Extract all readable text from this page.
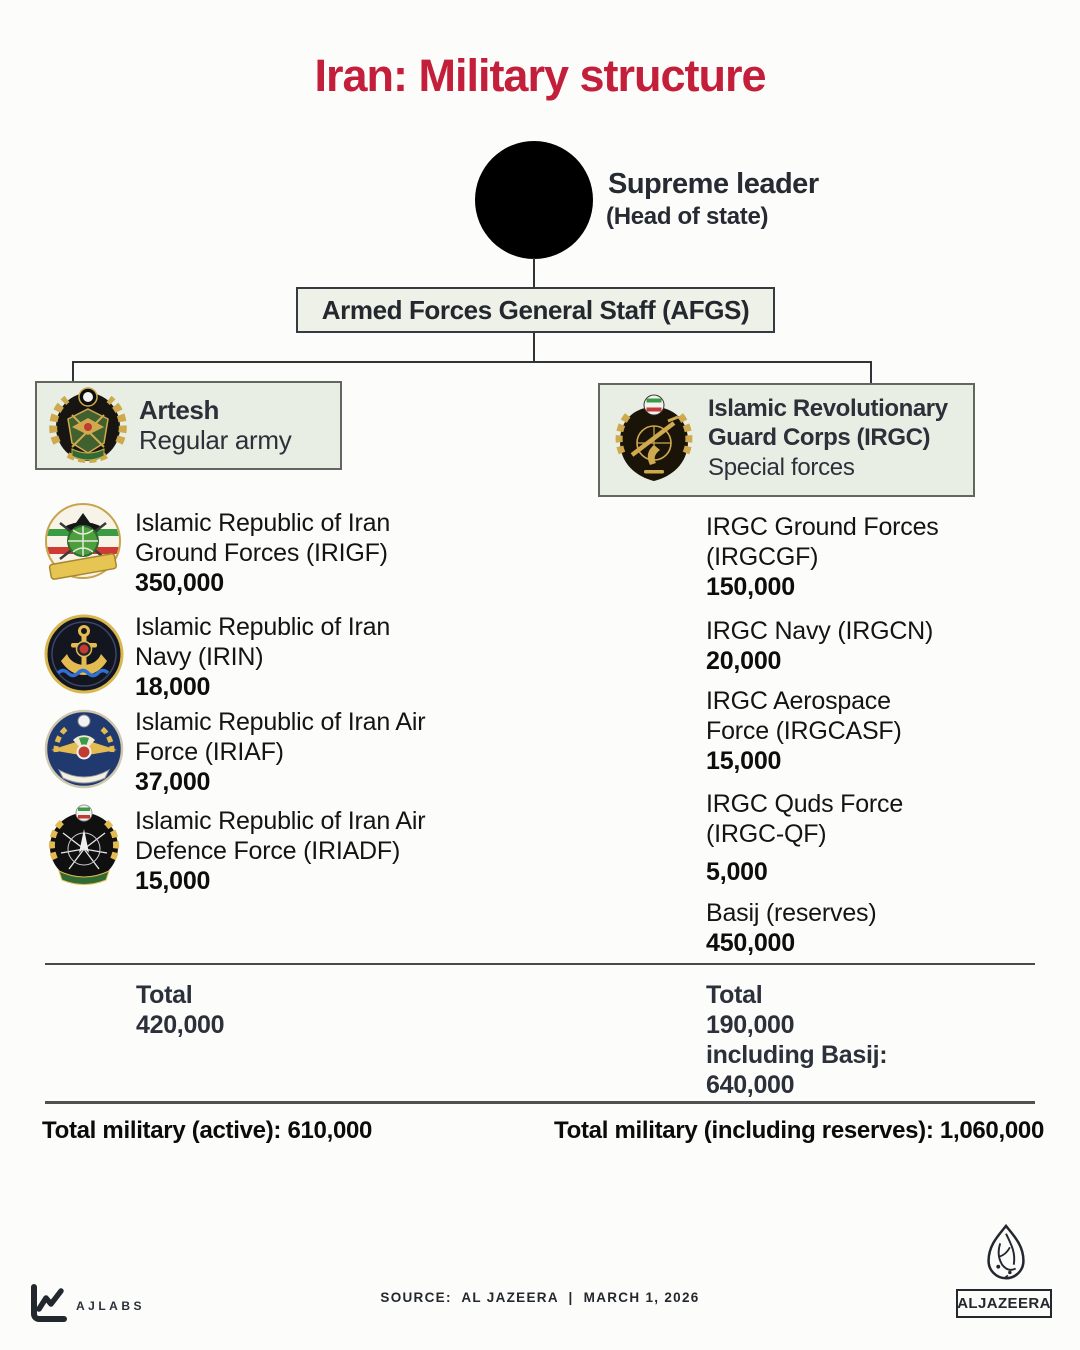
Iran: Military structure
Supreme leader
(Head of state)
Armed Forces General Staff (AFGS)
Artesh
Regular army
Islamic Revolutionary
Guard Corps (IRGC)
Special forces
Islamic Republic of Iran
Ground Forces (IRIGF)
350,000
Islamic Republic of Iran
Navy (IRIN)
18,000
Islamic Republic of Iran Air
Force (IRIAF)
37,000
Islamic Republic of Iran Air
Defence Force (IRIADF)
15,000
IRGC Ground Forces
(IRGCGF)
150,000
IRGC Navy (IRGCN)
20,000
IRGC Aerospace
Force (IRGCASF)
15,000
IRGC Quds Force
(IRGC-QF)
5,000
Basij (reserves)
450,000
Total
420,000
Total
190,000
including Basij:
640,000
Total military (active): 610,000	Total military (including reserves): 1,060,000
AJLABS
SOURCE:  AL JAZEERA  |  MARCH 1, 2026	ALJAZEERA
